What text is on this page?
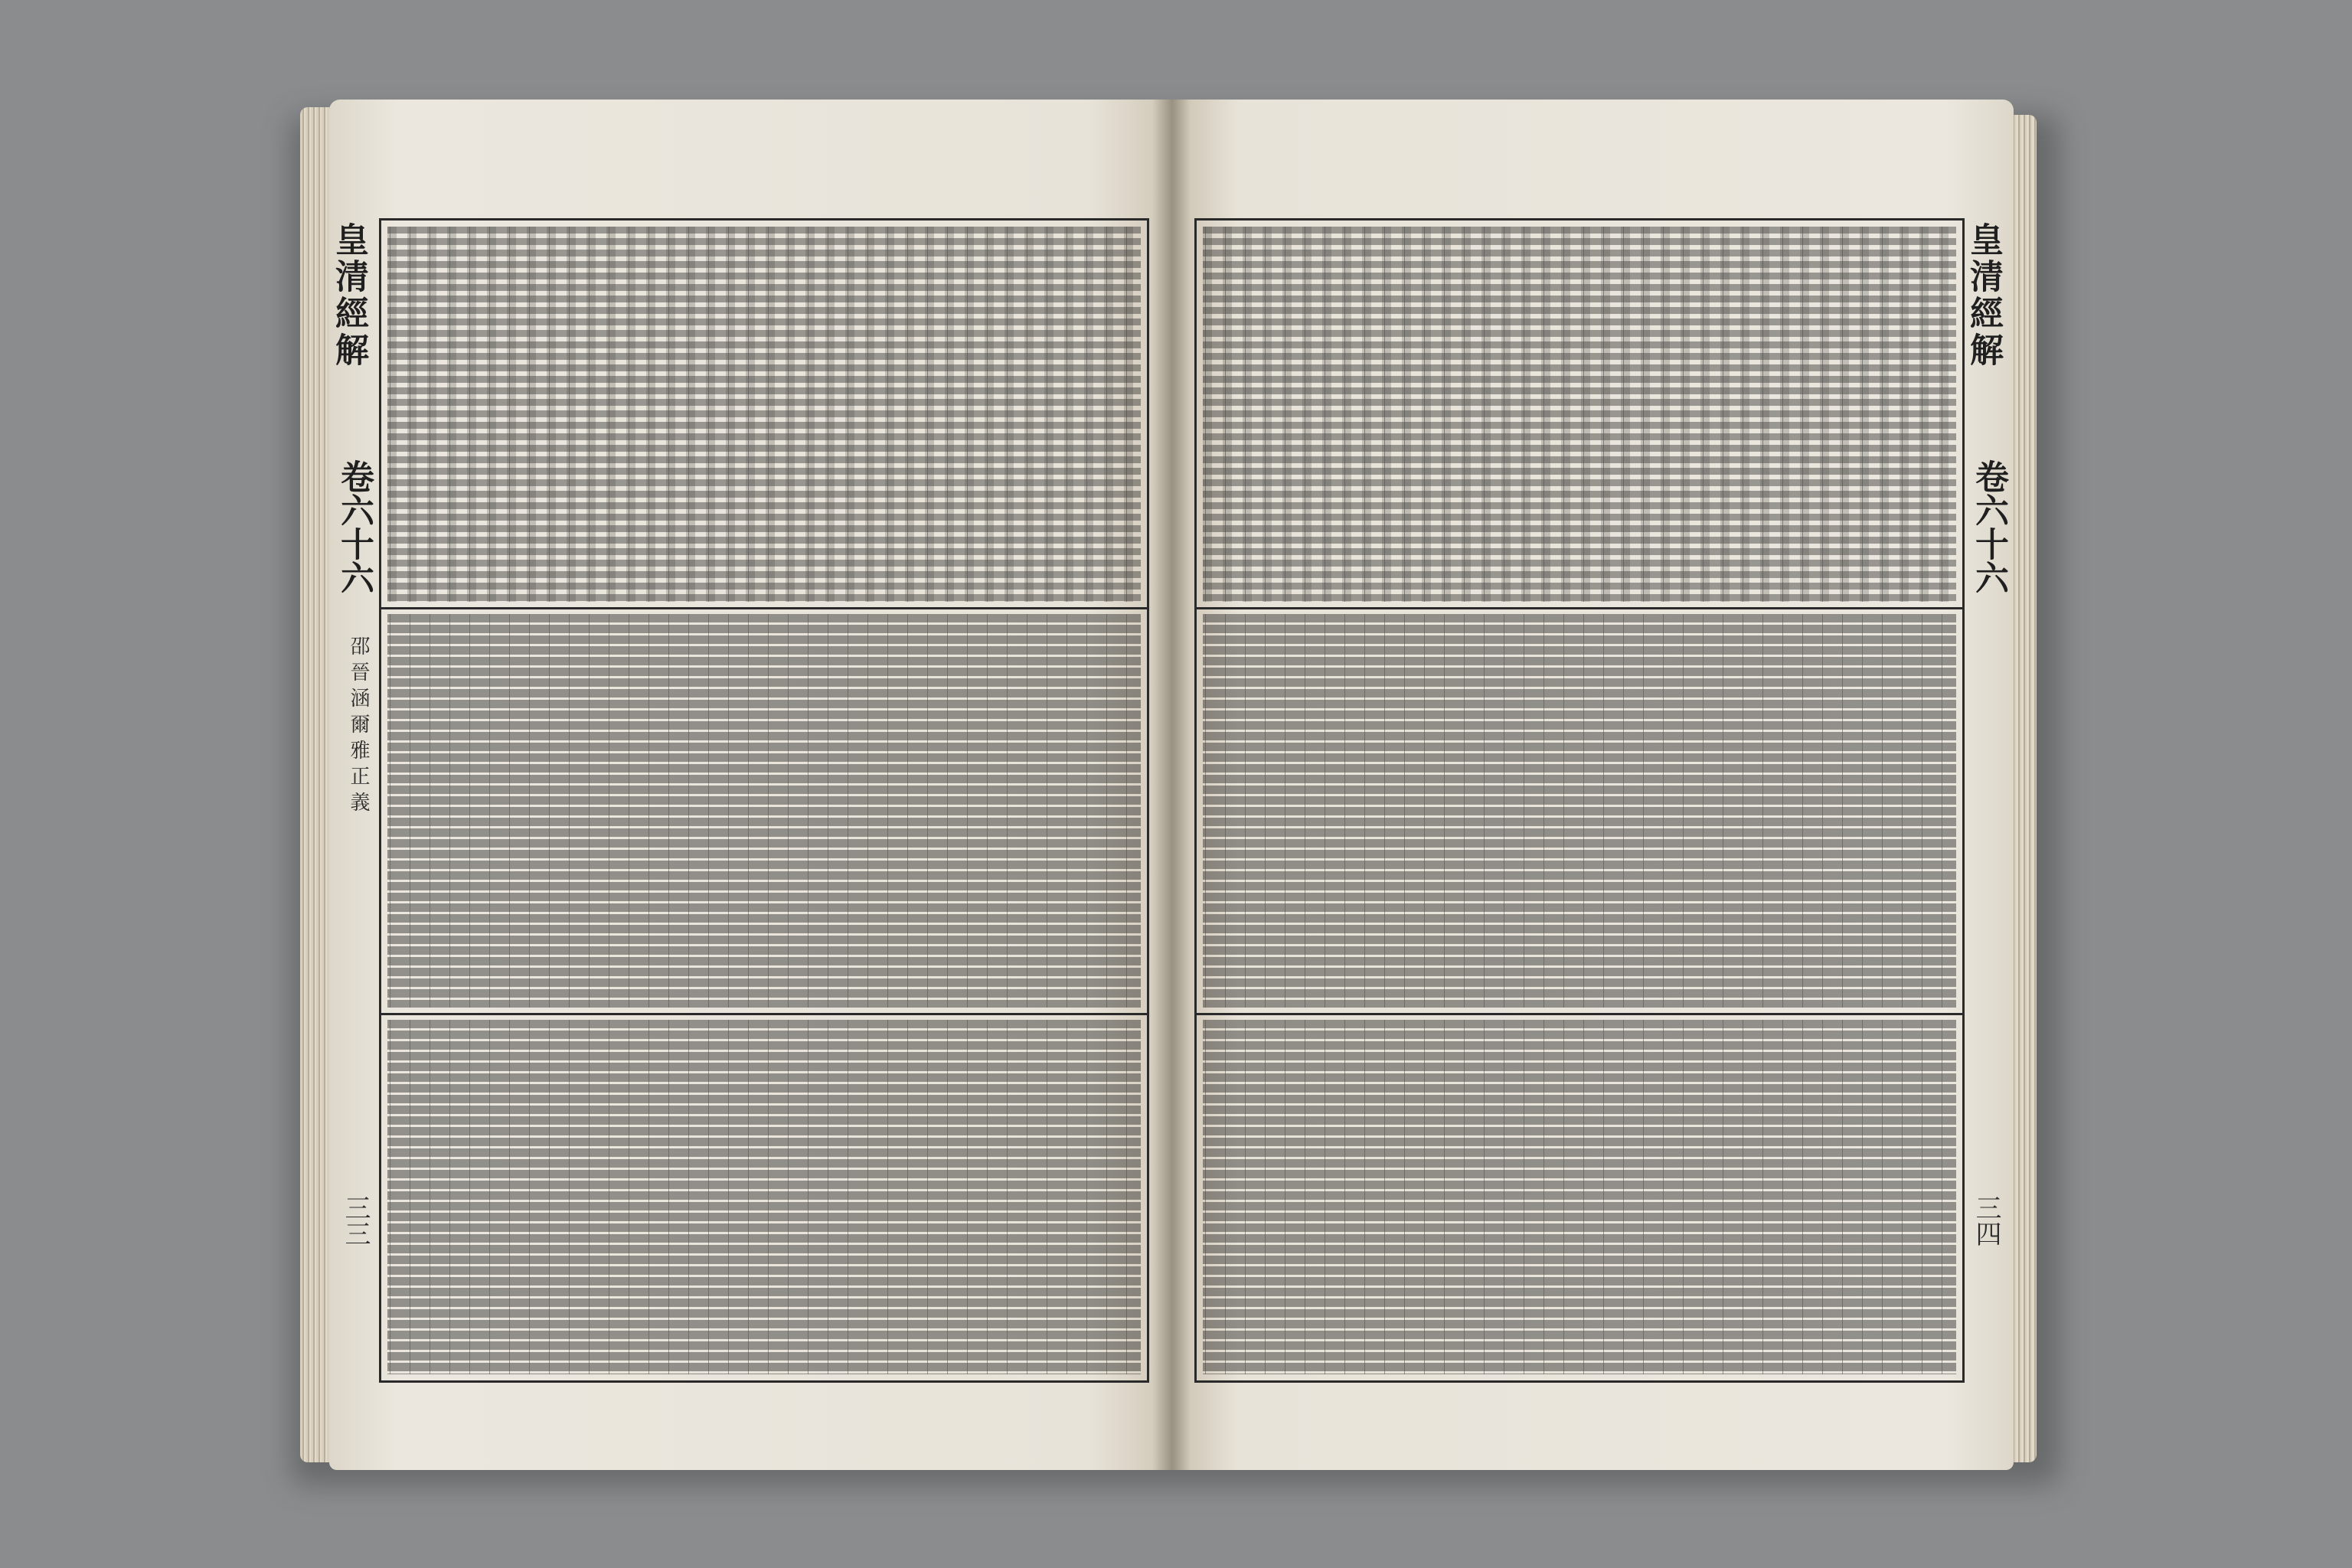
皇清經解
卷六十六
邵晉涵爾雅正義
三三
皇清經解
卷六十六
三四
